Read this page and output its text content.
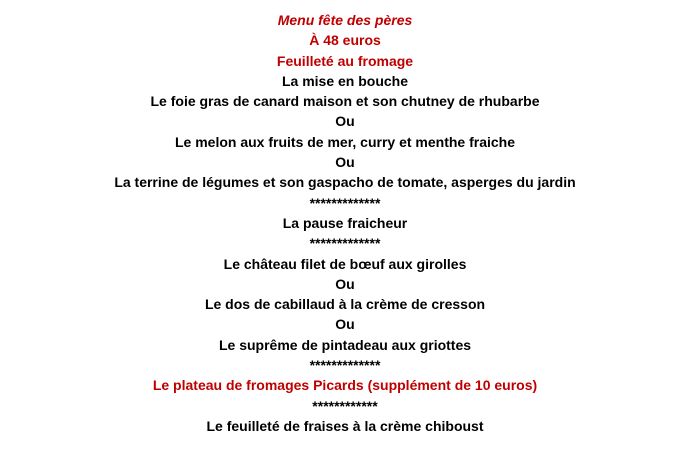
Menu fête des pères
À 48 euros
Feuilleté au fromage
La mise en bouche
Le foie gras de canard maison et son chutney de rhubarbe
Ou
Le melon aux fruits de mer, curry et menthe fraiche
Ou
La terrine de légumes et son gaspacho de tomate, asperges du jardin
*************
La pause fraicheur
*************
Le château filet de bœuf aux girolles
Ou
Le dos de cabillaud à la crème de cresson
Ou
Le suprême de pintadeau aux griottes
*************
Le plateau de fromages Picards (supplément de 10 euros)
************
Le feuilleté de fraises à la crème chiboust
